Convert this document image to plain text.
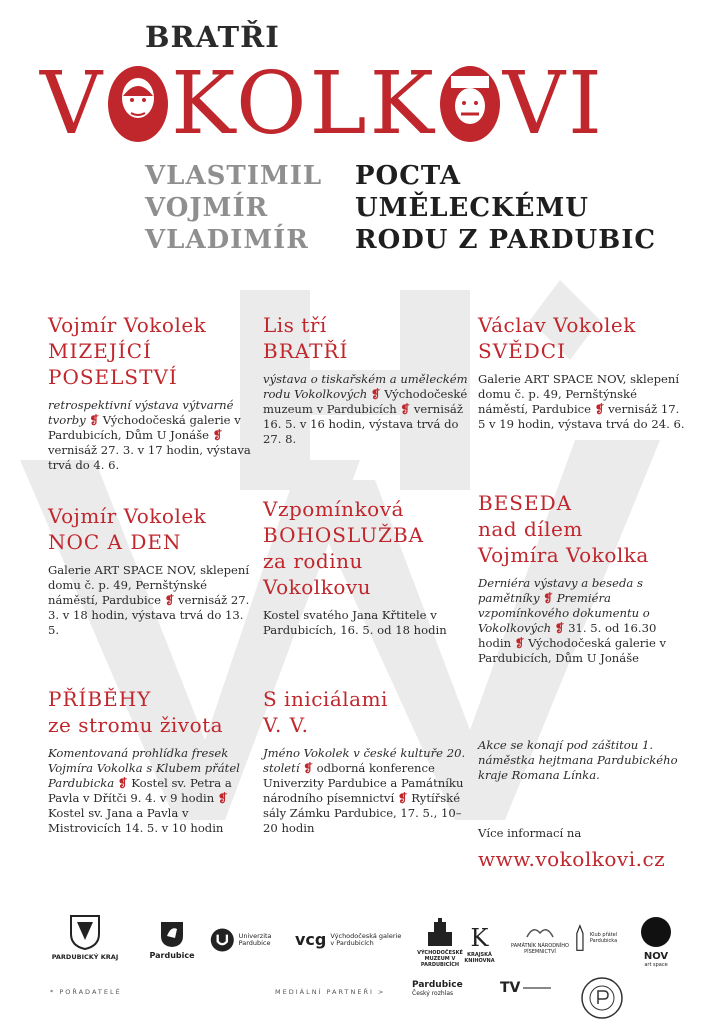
BRATŘI
V KOLK VI
VLASTIMIL
VOJMÍR
VLADIMÍR
POCTA
UMĚLECKÉMU
RODU Z PARDUBIC

Vojmír Vokolek

MIZEJÍCÍ

POSELSTVÍ

retrospektivní výstava výtvarné tvorby ❡ Východočeská galerie v Pardubicích, Dům U Jonáše ❡ vernisáž 27. 3. v 17 hodin, výstava trvá do 4. 6.

Vojmír Vokolek

NOC A DEN

Galerie ART SPACE NOV, sklepení domu č. p. 49, Pernštýnské náměstí, Pardubice ❡ vernisáž 27. 3. v 18 hodin, výstava trvá do 13. 5.

PŘÍBĚHY

ze stromu života

Komentovaná prohlídka fresek Vojmíra Vokolka s Klubem přátel Pardubicka ❡ Kostel sv. Petra a Pavla v Dřítči 9. 4. v 9 hodin ❡ Kostel sv. Jana a Pavla v Mistrovicích 14. 5. v 10 hodin

Lis tří

BRATŘÍ

výstava o tiskařském a uměleckém rodu Vokolkových ❡ Východočeské muzeum v Pardubicích ❡ vernisáž 16. 5. v 16 hodin, výstava trvá do 27. 8.

Vzpomínková

BOHOSLUŽBA

za rodinu

Vokolkovu

Kostel svatého Jana Křtitele v Pardubicích, 16. 5. od 18 hodin

S iniciálami

V. V.

Jméno Vokolek v české kultuře 20. století ❡ odborná konference Univerzity Pardubice a Památníku národního písemnictví ❡ Rytířské sály Zámku Pardubice, 17. 5., 10–20 hodin

Václav Vokolek

SVĚDCI

Galerie ART SPACE NOV, sklepení domu č. p. 49, Pernštýnské náměstí, Pardubice ❡ vernisáž 17. 5 v 19 hodin, výstava trvá do 24. 6.

BESEDA

nad dílem

Vojmíra Vokolka

Derniéra výstavy a beseda s pamětníky ❡ Premiéra vzpomínkového dokumentu o Vokolkových ❡ 31. 5. od 16.30 hodin ❡ Východočeská galerie v Pardubicích, Dům U Jonáše
Akce se konají pod záštitou 1. náměstka hejtmana Pardubického kraje Romana Línka.
Více informací na
www.vokolkovi.cz
PARDUBICKÝ KRAJ	Pardubice
Univerzita Pardubice	vcg Východočeská galerie v Pardubicích
VÝCHODOČESKÉ MUZEUM V PARDUBICÍCH
K
KRAJSKÁ KNIHOVNA
PAMÁTNÍK NÁRODNÍHO PÍSEMNICTVÍ
Klub přátel Pardubicka
NOV
art space
* POŘADATELÉ	MEDIÁLNÍ PARTNEŘI >
Pardubice
Český rozhlas	TV
